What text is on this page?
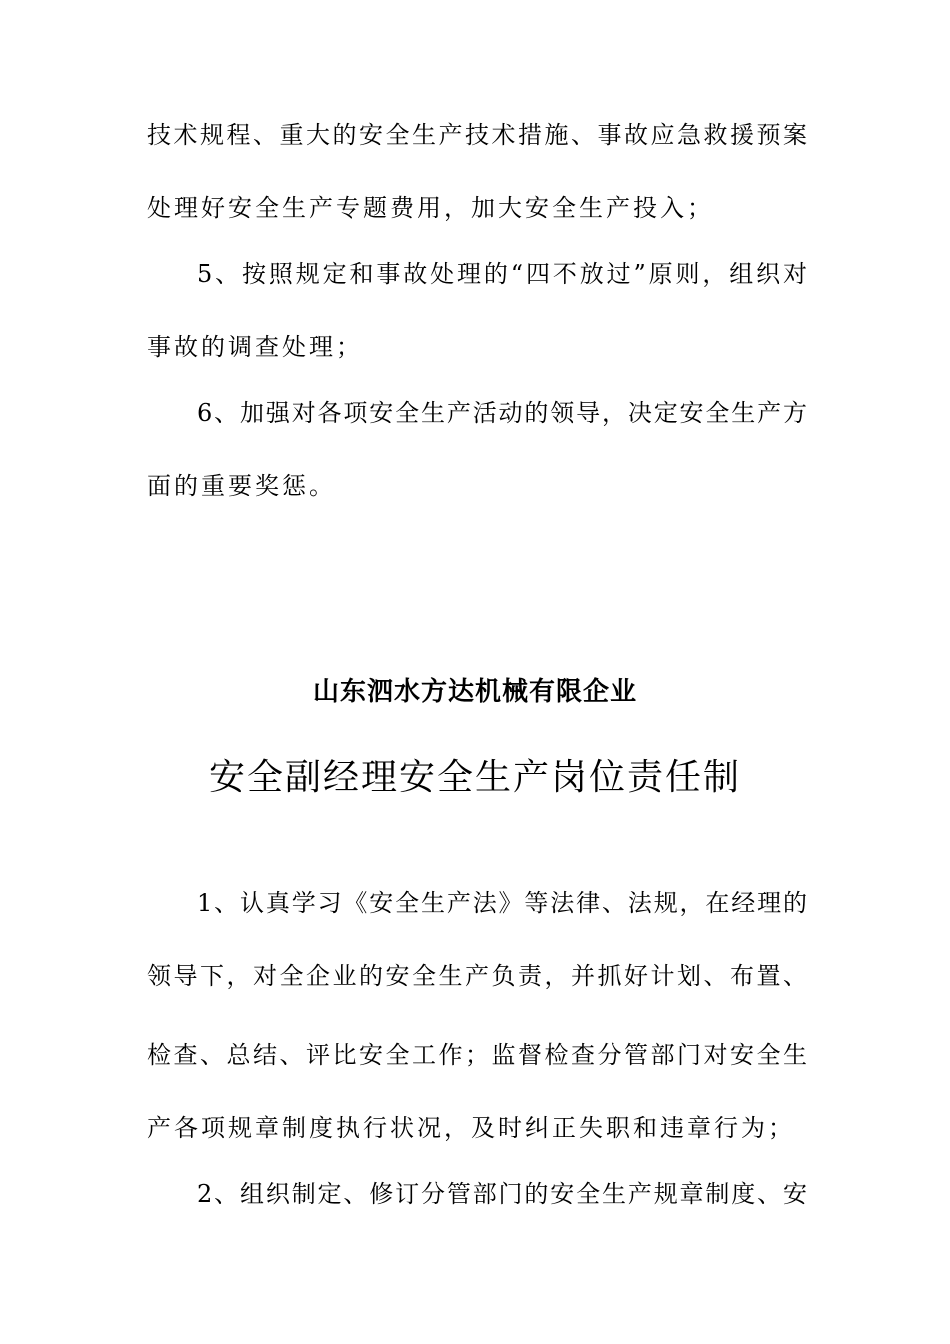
技术规程、重大的安全生产技术措施、事故应急救援预案
处理好安全生产专题费用，加大安全生产投入；
5、按照规定和事故处理的“四不放过”原则，组织对
事故的调查处理；
6、加强对各项安全生产活动的领导，决定安全生产方
面的重要奖惩。
山东泗水方达机械有限企业
安全副经理安全生产岗位责任制
1、认真学习《安全生产法》等法律、法规，在经理的
领导下，对全企业的安全生产负责，并抓好计划、布置、
检查、总结、评比安全工作；监督检查分管部门对安全生
产各项规章制度执行状况，及时纠正失职和违章行为；
2、组织制定、修订分管部门的安全生产规章制度、安
